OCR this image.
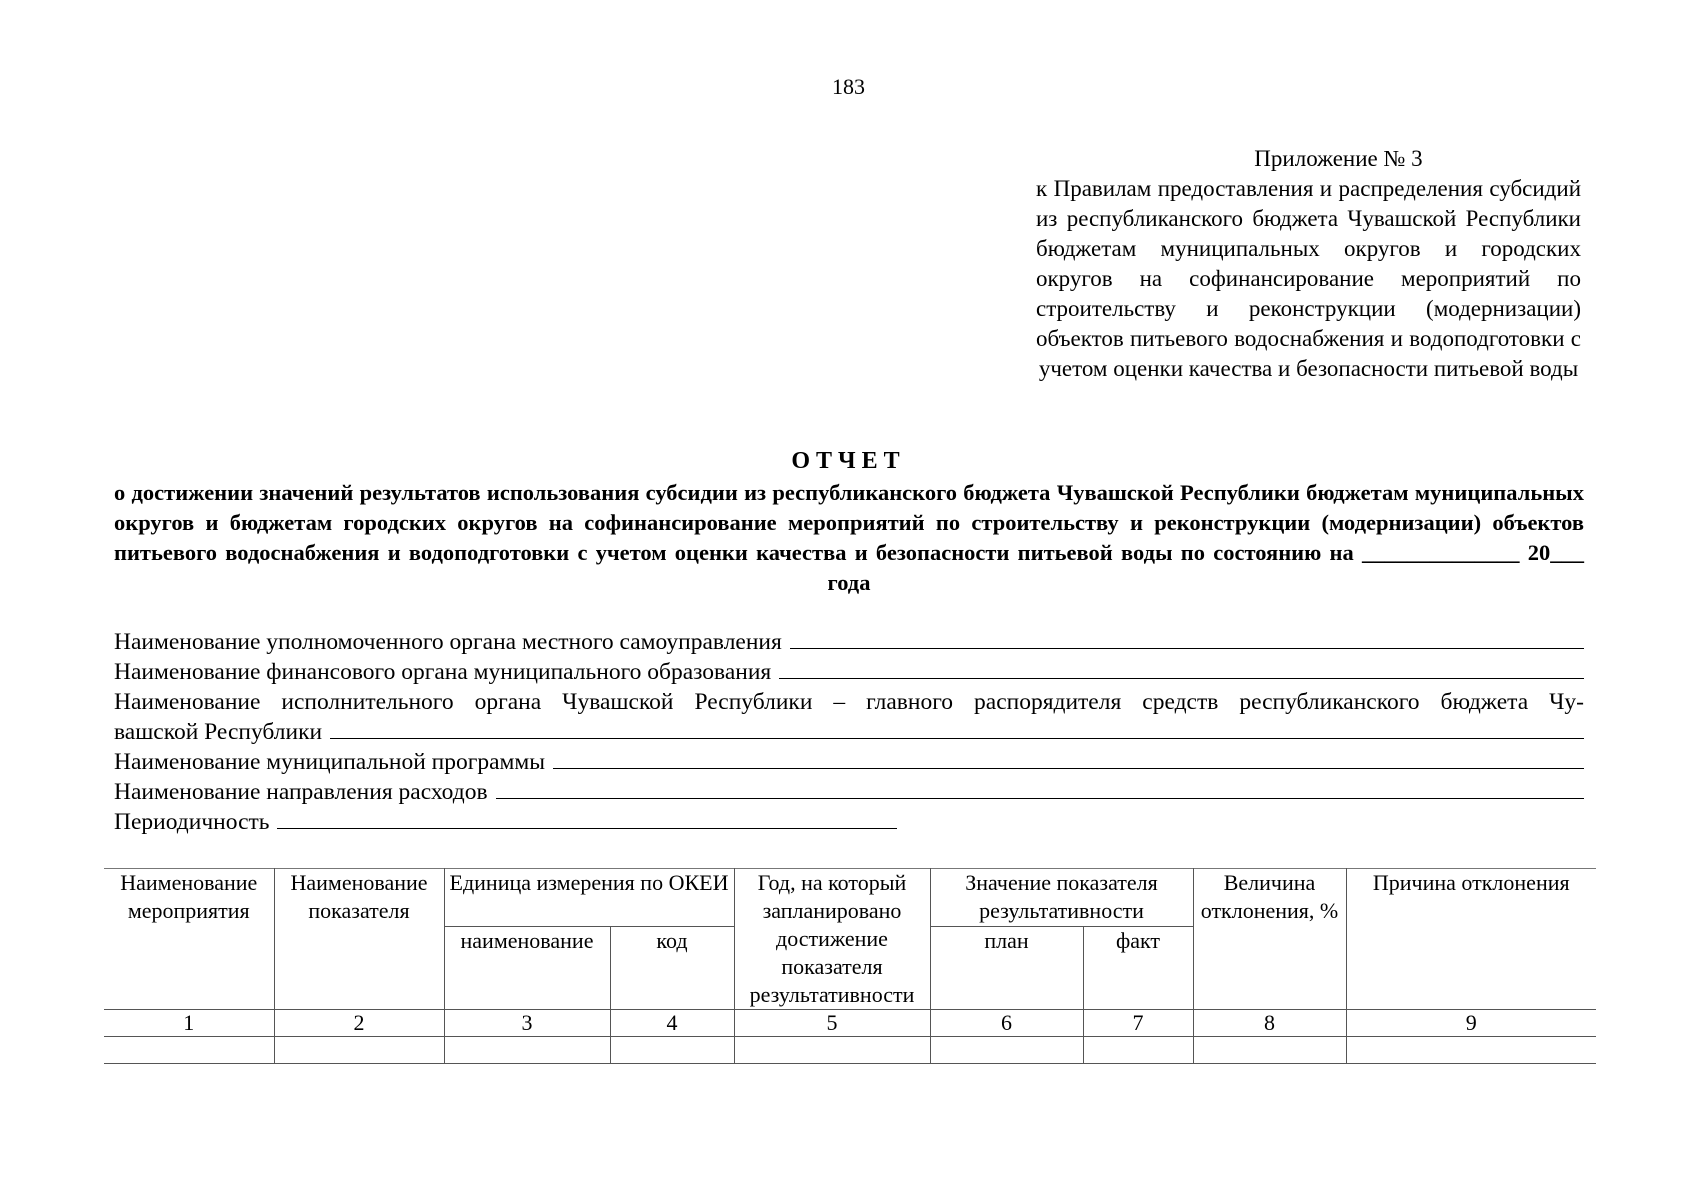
183
Приложение № 3
к Правилам предоставления и распределения субсидий из республиканского бюджета Чувашской Республики бюджетам муниципальных округов и городских округов на софинансирование мероприятий по строительству и реконструкции (модернизации) объектов питьевого водоснабжения и водоподготовки с учетом оценки качества и безопасности питьевой воды
ОТЧЕТ
о достижении значений результатов использования субсидии из республиканского бюджета Чувашской Республики бюджетам муниципальных округов и бюджетам городских округов на софинансирование мероприятий по строительству и реконструкции (модернизации) объектов питьевого водоснабжения и водоподготовки с учетом оценки качества и безопасности питьевой воды по состоянию на ______________ 20___ года
Наименование уполномоченного органа местного самоуправления
Наименование финансового органа муниципального образования
Наименование исполнительного органа Чувашской Республики – главного распорядителя средств республиканского бюджета Чу-
вашской Республики
Наименование муниципальной программы
Наименование направления расходов
Периодичность
Наименование мероприятия	Наименование показателя	Единица измерения по ОКЕИ		Год, на который запланировано достижение показателя результативности	Значение показателя результативности		Величина отклонения, %	Причина отклонения
		наименование	код		план	факт		
1	2	3	4	5	6	7	8	9
